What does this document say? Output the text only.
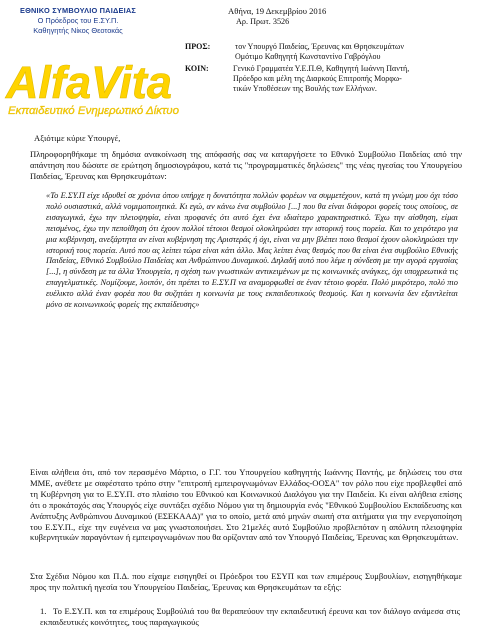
ΕΘΝΙΚΟ ΣΥΜΒΟΥΛΙΟ ΠΑΙΔΕΙΑΣ
Ο Πρόεδρος του Ε.ΣΥ.Π.
Καθηγητής Νίκος Θεοτοκάς
Αθήνα, 19 Δεκεμβρίου 2016
Αρ. Πρωτ. 3526
ΠΡΟΣ:	τον Υπουργό Παιδείας, Έρευνας και Θρησκευμάτων
Ομότιμο Καθηγητή Κωνσταντίνο Γαβρόγλου
ΚΟΙΝ:	Γενικό Γραμματέα Υ.Ε.Π.Θ, Καθηγητή Ιωάννη Παντή,
Πρόεδρο και μέλη της Διαρκούς Επιτροπής Μορφω-
τικών Υποθέσεων της Βουλής των Ελλήνων.
AlfaVita
Εκπαιδευτικό Ενημερωτικό Δίκτυο
Αξιότιμε κύριε Υπουργέ,

Πληροφορηθήκαμε τη δημόσια ανακοίνωση της απόφασής σας να καταργήσετε το Εθνικό Συμβούλιο Παιδείας από την απάντηση που δώσατε σε ερώτηση δημοσιογράφου, κατά τις "προγραμματικές δηλώσεις" της νέας ηγεσίας του Υπουργείου Παιδείας, Έρευνας και Θρησκευμάτων:

«Το Ε.ΣΥ.Π είχε ιδρυθεί σε χρόνια όπου υπήρχε η δυνατότητα πολλών φορέων να συμμετέχουν, κατά τη γνώμη μου όχι τόσο πολύ ουσιαστικά, αλλά νομιμοποιητικά. Κι εγώ, αν κάνω ένα συμβούλιο [...] που θα είναι διάφοροι φορείς τους οποίους, σε εισαγωγικά, έχω την πλειοψηφία, είναι προφανές ότι αυτό έχει ένα ιδιαίτερο χαρακτηριστικό. Έχω την αίσθηση, είμαι πεισμένος, έχω την πεποίθηση ότι έχουν πολλοί τέτοιοι θεσμοί ολοκληρώσει την ιστορική τους πορεία. Και το χειρότερο για μια κυβέρνηση, ανεξάρτητα αν είναι κυβέρνηση της Αριστεράς ή όχι, είναι να μην βλέπει ποιο θεσμοί έχουν ολοκληρώσει την ιστορική τους πορεία. Αυτό που ας λείπει τώρα είναι κάτι άλλο. Μας λείπει ένας θεσμός που θα είναι ένα συμβούλιο Εθνικής Παιδείας, Εθνικό Συμβούλιο Παιδείας και Ανθρώπινου Δυναμικού. Δηλαδή αυτό που λέμε η σύνδεση με την αγορά εργασίας [...], η σύνδεση με τα άλλα Υπουργεία, η σχέση των γνωστικών αντικειμένων με τις κοινωνικές ανάγκες, όχι υποχρεωτικά τις επαγγελματικές. Νομίζουμε, λοιπόν, ότι πρέπει το Ε.ΣΥ.Π να αναμορφωθεί σε έναν τέτοιο φορέα. Πολύ μικρότερο, πολύ πιο ευέλικτο αλλά έναν φορέα που θα συζητάει η κοινωνία με τους εκπαιδευτικούς θεσμούς. Και η κοινωνία δεν εξαντλείται μόνο σε κοινωνικούς φορείς της εκπαίδευσης»

Είναι αλήθεια ότι, από τον περασμένο Μάρτιο, ο Γ.Γ. του Υπουργείου καθηγητής Ιωάννης Παντής, με δηλώσεις του στα ΜΜΕ, ανέθετε με σαφέστατο τρόπο στην "επιτροπή εμπειρογνωμόνων Ελλάδος-ΟΟΣΑ" τον ρόλο που είχε προβλεφθεί από τη Κυβέρνηση για το Ε.ΣΥ.Π. στο πλαίσιο του Εθνικού και Κοινωνικού Διαλόγου για την Παιδεία. Κι είναι αλήθεια επίσης ότι ο προκάτοχός σας Υπουργός είχε συντάξει σχέδιο Νόμου για τη δημιουργία ενός "Εθνικού Συμβουλίου Εκπαίδευσης και Ανάπτυξης Ανθρώπινου Δυναμικού (ΕΣΕΚΑΑΔ)" για το οποίο, μετά από μηνών σιωπή στα αιτήματα για την ενεργοποίηση του Ε.ΣΥ.Π., είχε την ευγένεια να μας γνωστοποιήσει. Στο 21μελές αυτό Συμβούλιο προβλεπόταν η απόλυτη πλειοψηφία κυβερνητικών παραγόντων ή εμπειρογνωμόνων που θα ορίζονταν από τον Υπουργό Παιδείας, Έρευνας και Θρησκευμάτων.

Στα Σχέδια Νόμου και Π.Δ. που είχαμε εισηγηθεί οι Πρόεδροι του ΕΣΥΠ και των επιμέρους Συμβουλίων, εισηγηθήκαμε προς την πολιτική ηγεσία του Υπουργείου Παιδείας, Έρευνας και Θρησκευμάτων τα εξής:

1. Το Ε.ΣΥ.Π. και τα επιμέρους Συμβούλιά του θα θεραπεύουν την εκπαιδευτική έρευνα και τον διάλογο ανάμεσα στις εκπαιδευτικές κοινότητες, τους παραγωγικούς
